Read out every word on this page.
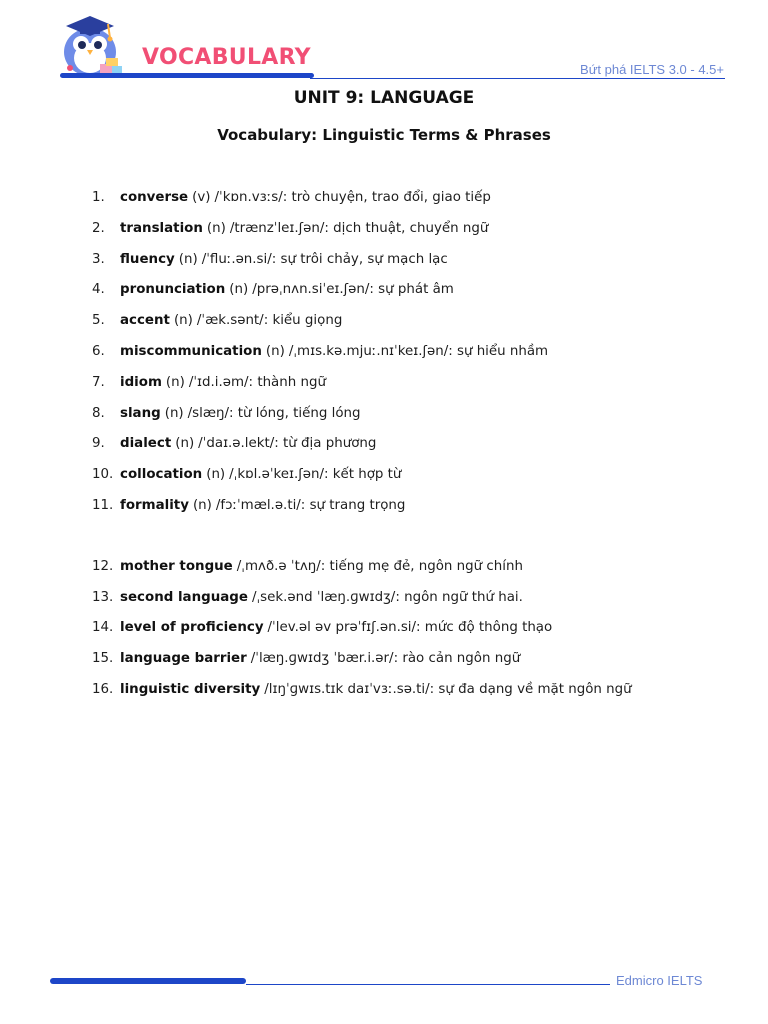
VOCABULARY	Bứt phá IELTS 3.0 - 4.5+
UNIT 9: LANGUAGE
Vocabulary: Linguistic Terms & Phrases
1.	converse (v) /ˈkɒn.vɜːs/: trò chuyện, trao đổi, giao tiếp
2.	translation (n) /trænzˈleɪ.ʃən/: dịch thuật, chuyển ngữ
3.	fluency (n) /ˈfluː.ən.si/: sự trôi chảy, sự mạch lạc
4.	pronunciation (n) /prəˌnʌn.siˈeɪ.ʃən/: sự phát âm
5.	accent (n) /ˈæk.sənt/: kiểu giọng
6.	miscommunication (n) /ˌmɪs.kə.mjuː.nɪˈkeɪ.ʃən/: sự hiểu nhầm
7.	idiom (n) /ˈɪd.i.əm/: thành ngữ
8.	slang (n) /slæŋ/: từ lóng, tiếng lóng
9.	dialect (n) /ˈdaɪ.ə.lekt/: từ địa phương
10. collocation (n) /ˌkɒl.əˈkeɪ.ʃən/: kết hợp từ
11. formality (n) /fɔːˈmæl.ə.ti/: sự trang trọng
12. mother tongue /ˌmʌð.ə ˈtʌŋ/: tiếng mẹ đẻ, ngôn ngữ chính
13. second language /ˌsek.ənd ˈlæŋ.ɡwɪdʒ/: ngôn ngữ thứ hai.
14. level of proficiency /ˈlev.əl əv prəˈfɪʃ.ən.si/: mức độ thông thạo
15. language barrier /ˈlæŋ.ɡwɪdʒ ˈbær.i.ər/: rào cản ngôn ngữ
16. linguistic diversity /lɪŋˈɡwɪs.tɪk daɪˈvɜː.sə.ti/: sự đa dạng về mặt ngôn ngữ
Edmicro IELTS
